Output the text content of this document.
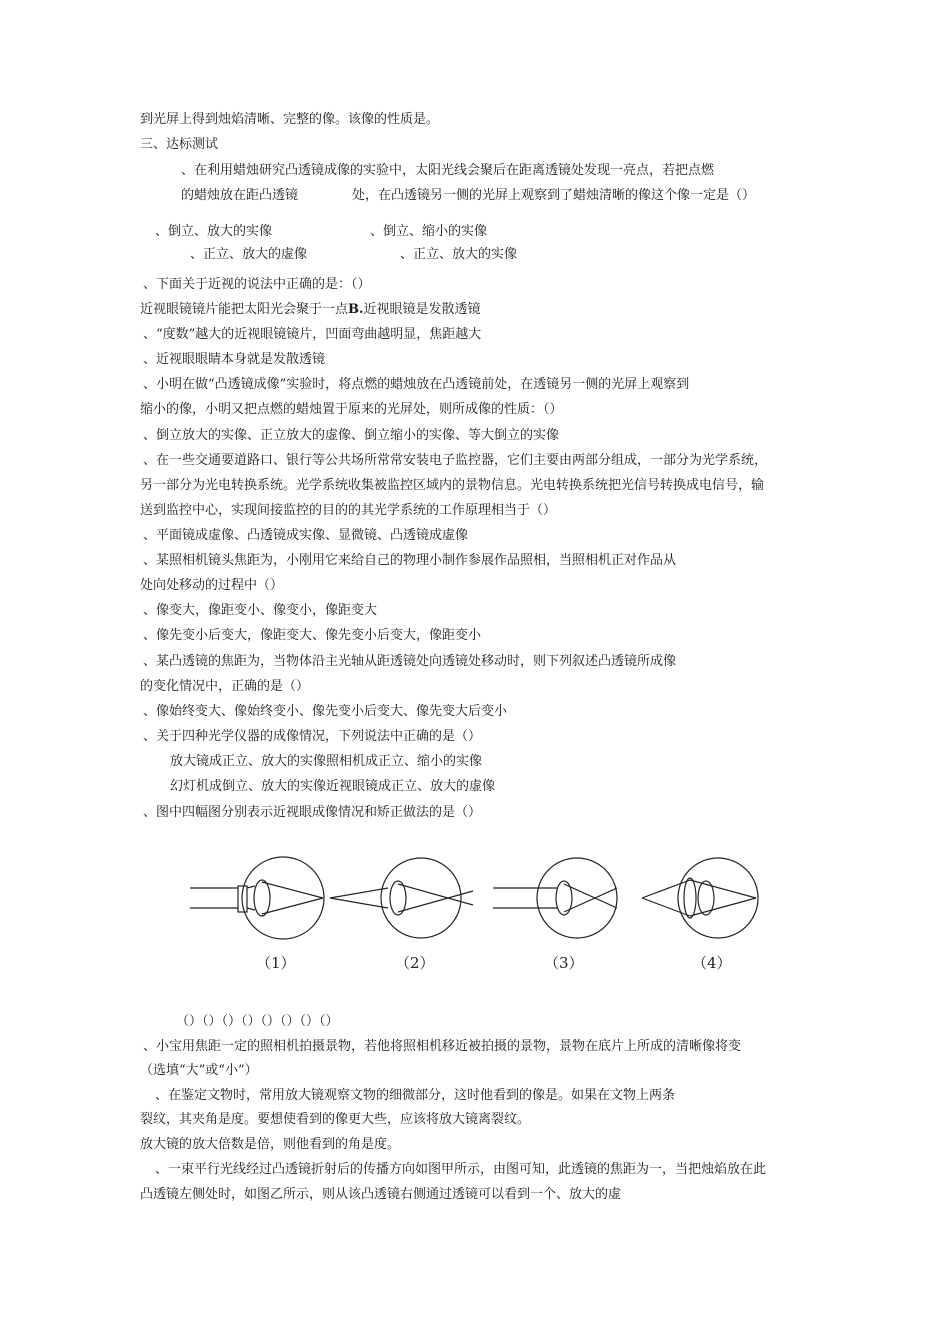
到光屏上得到烛焰清晰、完整的像。该像的性质是。
三、达标测试
、在利用蜡烛研究凸透镜成像的实验中，太阳光线会聚后在距离透镜处发现一亮点，若把点燃
的蜡烛放在距凸透镜	处，在凸透镜另一侧的光屏上观察到了蜡烛清晰的像这个像一定是（）
、倒立、放大的实像	、倒立、缩小的实像
、正立、放大的虚像	、正立、放大的实像
、下面关于近视的说法中正确的是：（）
近视眼镜镜片能把太阳光会聚于一点B.近视眼镜是发散透镜
、“度数”越大的近视眼镜镜片，凹面弯曲越明显，焦距越大
、近视眼眼睛本身就是发散透镜
、小明在做“凸透镜成像”实验时，将点燃的蜡烛放在凸透镜前处，在透镜另一侧的光屏上观察到
缩小的像，小明又把点燃的蜡烛置于原来的光屏处，则所成像的性质：（）
、倒立放大的实像、正立放大的虚像、倒立缩小的实像、等大倒立的实像
、在一些交通要道路口、银行等公共场所常常安装电子监控器，它们主要由两部分组成，一部分为光学系统，
另一部分为光电转换系统。光学系统收集被监控区域内的景物信息。光电转换系统把光信号转换成电信号，输
送到监控中心，实现间接监控的目的的其光学系统的工作原理相当于（）
、平面镜成虚像、凸透镜成实像、显微镜、凸透镜成虚像
、某照相机镜头焦距为，小刚用它来给自己的物理小制作参展作品照相，当照相机正对作品从
处向处移动的过程中（）
、像变大，像距变小、像变小，像距变大
、像先变小后变大，像距变大、像先变小后变大，像距变小
、某凸透镜的焦距为，当物体沿主光轴从距透镜处向透镜处移动时，则下列叙述凸透镜所成像
的变化情况中，正确的是（）
、像始终变大、像始终变小、像先变小后变大、像先变大后变小
、关于四种光学仪器的成像情况，下列说法中正确的是（）
放大镜成正立、放大的实像照相机成正立、缩小的实像
幻灯机成倒立、放大的实像近视眼镜成正立、放大的虚像
、图中四幅图分别表示近视眼成像情况和矫正做法的是（）
（1）	（2）	（3）	（4）
（）（）（）（）（）（）（）（）
、小宝用焦距一定的照相机拍摄景物，若他将照相机移近被拍摄的景物，景物在底片上所成的清晰像将变
（选填“大”或“小”）
、在鉴定文物时，常用放大镜观察文物的细微部分，这时他看到的像是。如果在文物上两条
裂纹，其夹角是度。要想使看到的像更大些，应该将放大镜离裂纹。
放大镜的放大倍数是倍，则他看到的角是度。
、一束平行光线经过凸透镜折射后的传播方向如图甲所示，由图可知，此透镜的焦距为一，当把烛焰放在此
凸透镜左侧处时，如图乙所示，则从该凸透镜右侧通过透镜可以看到一个、放大的虚
